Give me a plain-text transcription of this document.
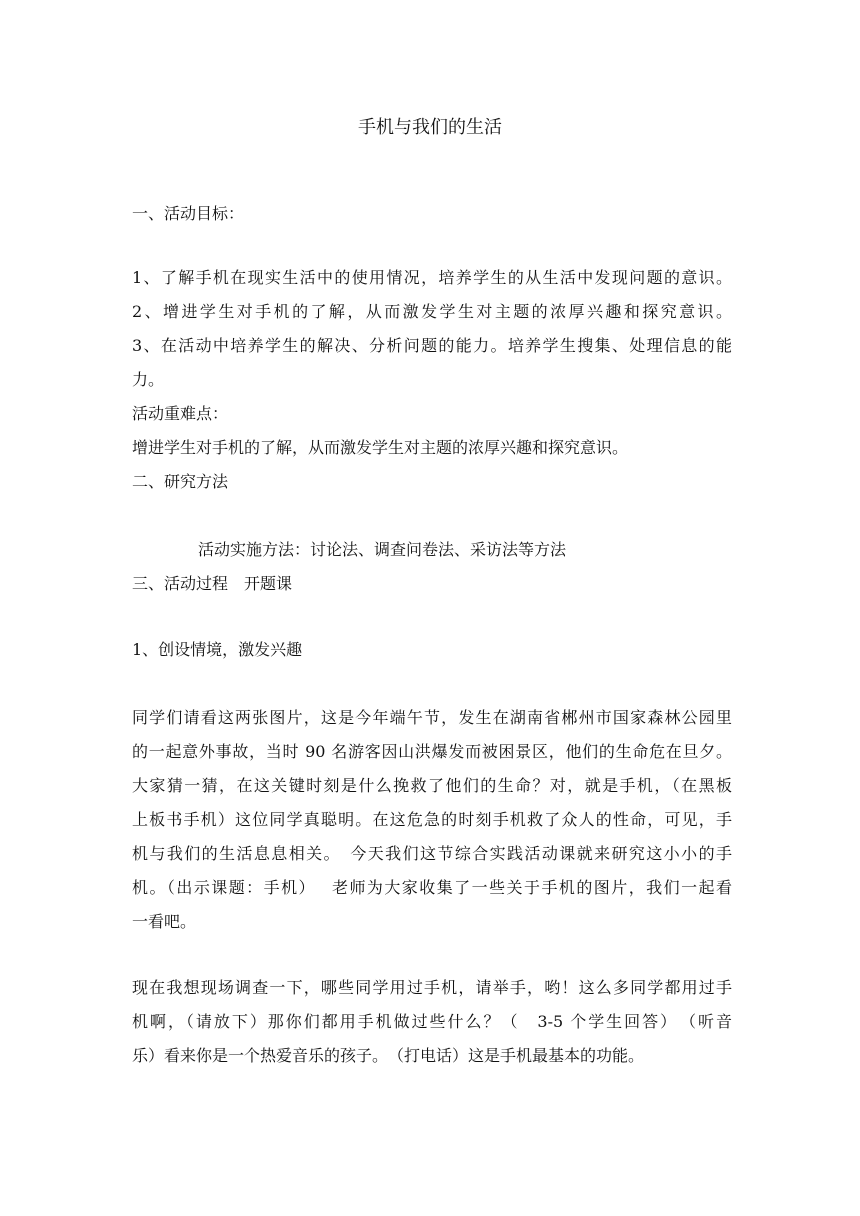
手机与我们的生活
一、活动目标：
1、了解手机在现实生活中的使用情况，培养学生的从生活中发现问题的意识。
2、增进学生对手机的了解，从而激发学生对主题的浓厚兴趣和探究意识。
3、在活动中培养学生的解决、分析问题的能力。培养学生搜集、处理信息的能
力。
活动重难点：
增进学生对手机的了解，从而激发学生对主题的浓厚兴趣和探究意识。
二、研究方法
活动实施方法：讨论法、调查问卷法、采访法等方法
三、活动过程　开题课
1、创设情境，激发兴趣
同学们请看这两张图片，这是今年端午节，发生在湖南省郴州市国家森林公园里
的一起意外事故，当时 90 名游客因山洪爆发而被困景区，他们的生命危在旦夕。
大家猜一猜，在这关键时刻是什么挽救了他们的生命？对，就是手机，（在黑板
上板书手机）这位同学真聪明。在这危急的时刻手机救了众人的性命，可见，手
机与我们的生活息息相关。　今天我们这节综合实践活动课就来研究这小小的手
机。（出示课题：手机）　 老师为大家收集了一些关于手机的图片，我们一起看
一看吧。
现在我想现场调查一下，哪些同学用过手机，请举手，哟！这么多同学都用过手
机啊，（请放下）那你们都用手机做过些什么？（　3-5 个学生回答）　（听音
乐）看来你是一个热爱音乐的孩子。　（打电话）这是手机最基本的功能。
